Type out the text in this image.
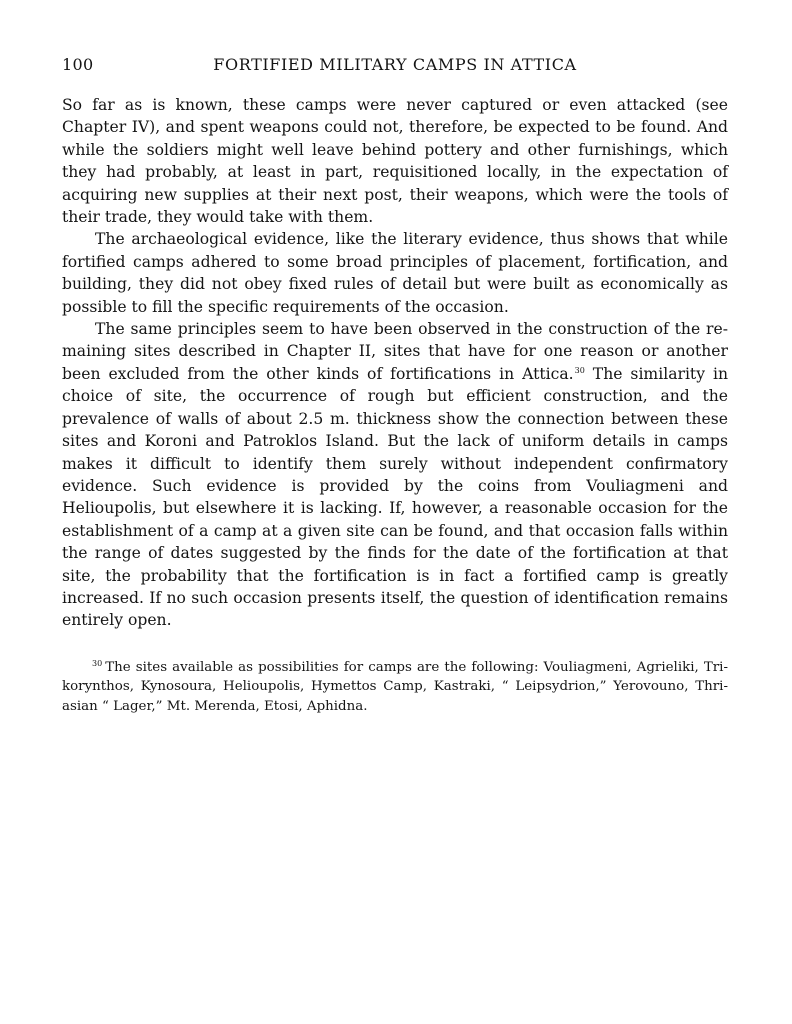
100	FORTIFIED MILITARY CAMPS IN ATTICA

So far as is known, these camps were never captured or even attacked (see Chapter IV), and spent weapons could not, therefore, be expected to be found. And while the soldiers might well leave behind pottery and other furnishings, which they had probably, at least in part, requisitioned locally, in the expectation of acquiring new supplies at their next post, their weapons, which were the tools of their trade, they would take with them.

The archaeological evidence, like the literary evidence, thus shows that while fortified camps adhered to some broad principles of placement, fortification, and building, they did not obey fixed rules of detail but were built as economically as possible to fill the specific requirements of the occasion.

The same principles seem to have been observed in the construction of the remaining sites described in Chapter II, sites that have for one reason or another been excluded from the other kinds of fortifications in Attica.$^{30}$ The similarity in choice of site, the occurrence of rough but efficient construction, and the prevalence of walls of about 2.5 m. thickness show the connection between these sites and Koroni and Patroklos Island. But the lack of uniform details in camps makes it difficult to identify them surely without independent confirmatory evidence. Such evidence is provided by the coins from Vouliagmeni and Helioupolis, but elsewhere it is lacking. If, however, a reasonable occasion for the establishment of a camp at a given site can be found, and that occasion falls within the range of dates suggested by the finds for the date of the fortification at that site, the probability that the fortification is in fact a fortified camp is greatly increased. If no such occasion presents itself, the question of identification remains entirely open.

$^{30}$ The sites available as possibilities for camps are the following: Vouliagmeni, Agrieliki, Trikorynthos, Kynosoura, Helioupolis, Hymettos Camp, Kastraki, “ Leipsydrion,” Yerovouno, Thriasian “ Lager,” Mt. Merenda, Etosi, Aphidna.
